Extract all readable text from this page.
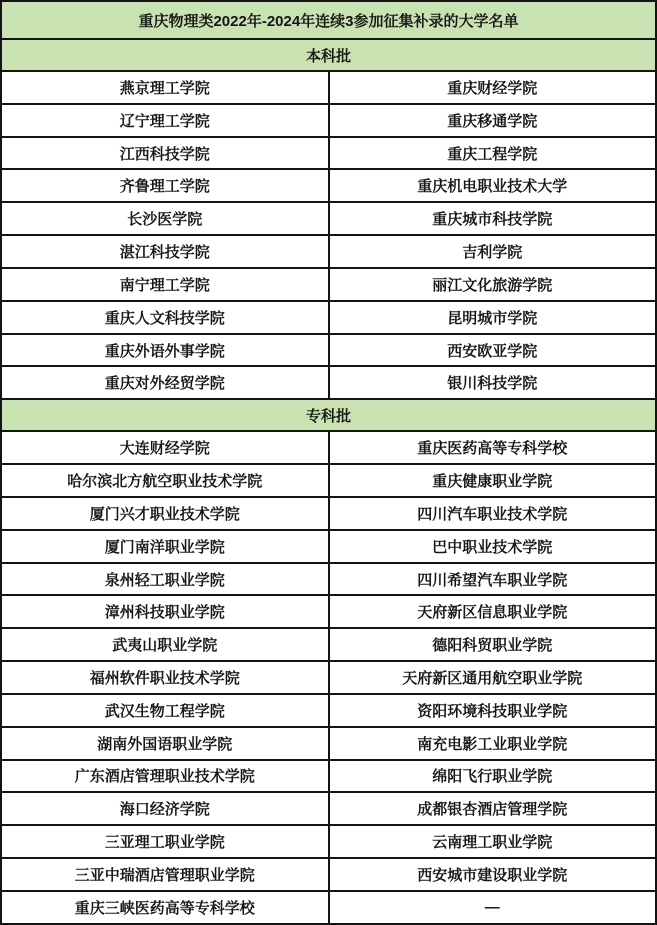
重庆物理类2022年-2024年连续3参加征集补录的大学名单	
本科批	
燕京理工学院	重庆财经学院
辽宁理工学院	重庆移通学院
江西科技学院	重庆工程学院
齐鲁理工学院	重庆机电职业技术大学
长沙医学院	重庆城市科技学院
湛江科技学院	吉利学院
南宁理工学院	丽江文化旅游学院
重庆人文科技学院	昆明城市学院
重庆外语外事学院	西安欧亚学院
重庆对外经贸学院	银川科技学院
专科批	
大连财经学院	重庆医药高等专科学校
哈尔滨北方航空职业技术学院	重庆健康职业学院
厦门兴才职业技术学院	四川汽车职业技术学院
厦门南洋职业学院	巴中职业技术学院
泉州轻工职业学院	四川希望汽车职业学院
漳州科技职业学院	天府新区信息职业学院
武夷山职业学院	德阳科贸职业学院
福州软件职业技术学院	天府新区通用航空职业学院
武汉生物工程学院	资阳环境科技职业学院
湖南外国语职业学院	南充电影工业职业学院
广东酒店管理职业技术学院	绵阳飞行职业学院
海口经济学院	成都银杏酒店管理学院
三亚理工职业学院	云南理工职业学院
三亚中瑞酒店管理职业学院	西安城市建设职业学院
重庆三峡医药高等专科学校	—
